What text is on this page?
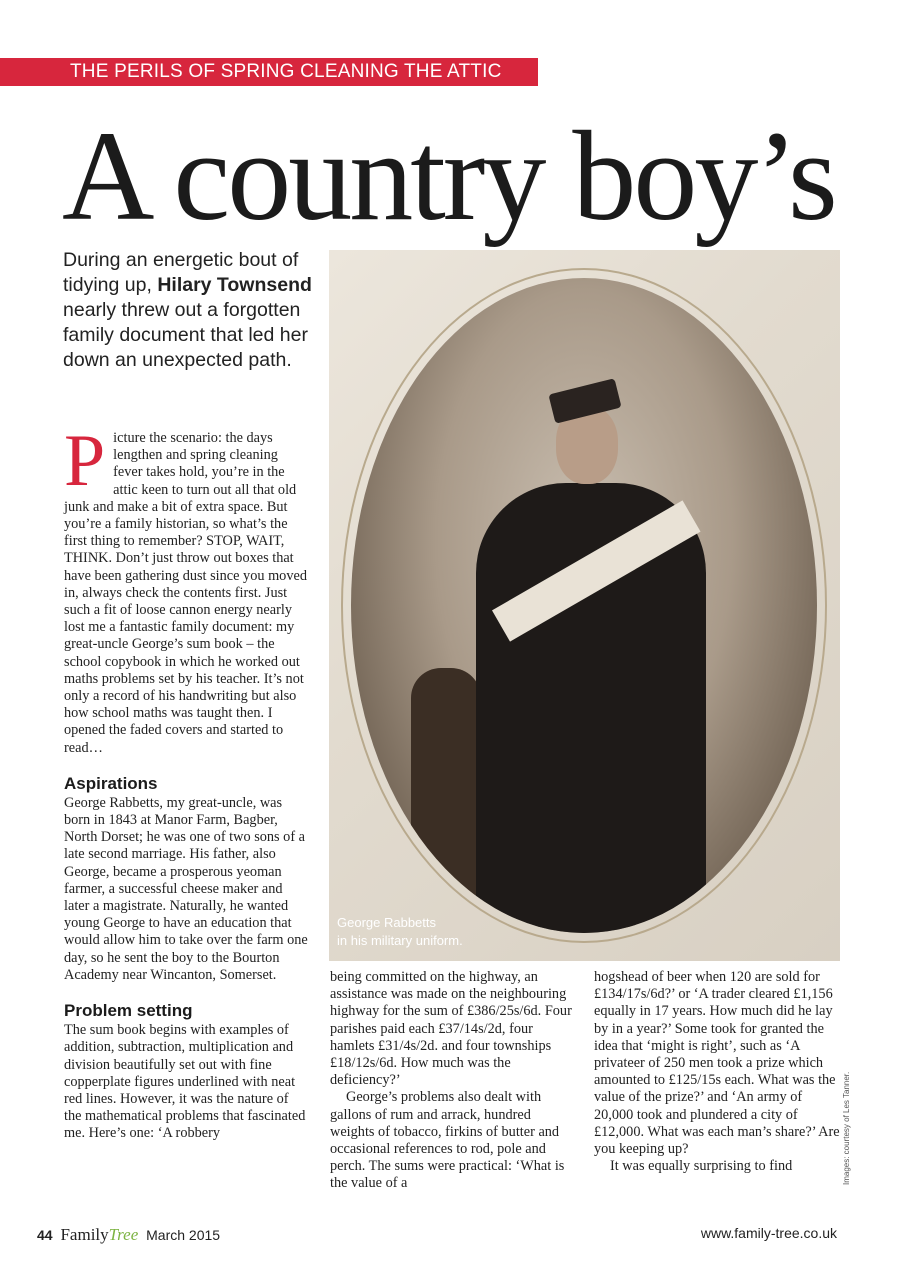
THE PERILS OF SPRING CLEANING THE ATTIC
A country boy’s
During an energetic bout of tidying up, Hilary Townsend nearly threw out a forgotten family document that led her down an unexpected path.
George Rabbetts
in his military uniform.

Picture the scenario: the days lengthen and spring cleaning fever takes hold, you’re in the attic keen to turn out all that old junk and make a bit of extra space. But you’re a family historian, so what’s the first thing to remember? STOP, WAIT, THINK. Don’t just throw out boxes that have been gathering dust since you moved in, always check the contents first. Just such a fit of loose cannon energy nearly lost me a fantastic family document: my great-uncle George’s sum book – the school copybook in which he worked out maths problems set by his teacher. It’s not only a record of his handwriting but also how school maths was taught then. I opened the faded covers and started to read…

Aspirations

George Rabbetts, my great-uncle, was born in 1843 at Manor Farm, Bagber, North Dorset; he was one of two sons of a late second marriage. His father, also George, became a prosperous yeoman farmer, a successful cheese maker and later a magistrate. Naturally, he wanted young George to have an education that would allow him to take over the farm one day, so he sent the boy to the Bourton Academy near Wincanton, Somerset.

Problem setting

The sum book begins with examples of addition, subtraction, multiplication and division beautifully set out with fine copperplate figures underlined with neat red lines. However, it was the nature of the mathematical problems that fascinated me. Here’s one: ‘A robbery

being committed on the highway, an assistance was made on the neighbouring highway for the sum of £386/25s/6d. Four parishes paid each £37/14s/2d, four hamlets £31/4s/2d. and four townships £18/12s/6d. How much was the deficiency?’

George’s problems also dealt with gallons of rum and arrack, hundred weights of tobacco, firkins of butter and occasional references to rod, pole and perch. The sums were practical: ‘What is the value of a

hogshead of beer when 120 are sold for £134/17s/6d?’ or ‘A trader cleared £1,156 equally in 17 years. How much did he lay by in a year?’ Some took for granted the idea that ‘might is right’, such as ‘A privateer of 250 men took a prize which amounted to £125/15s each. What was the value of the prize?’ and ‘An army of 20,000 took and plundered a city of £12,000. What was each man’s share?’ Are you keeping up?

It was equally surprising to find	Images: courtesy of Les Tanner.
44 FamilyTree March 2015	www.family-tree.co.uk
